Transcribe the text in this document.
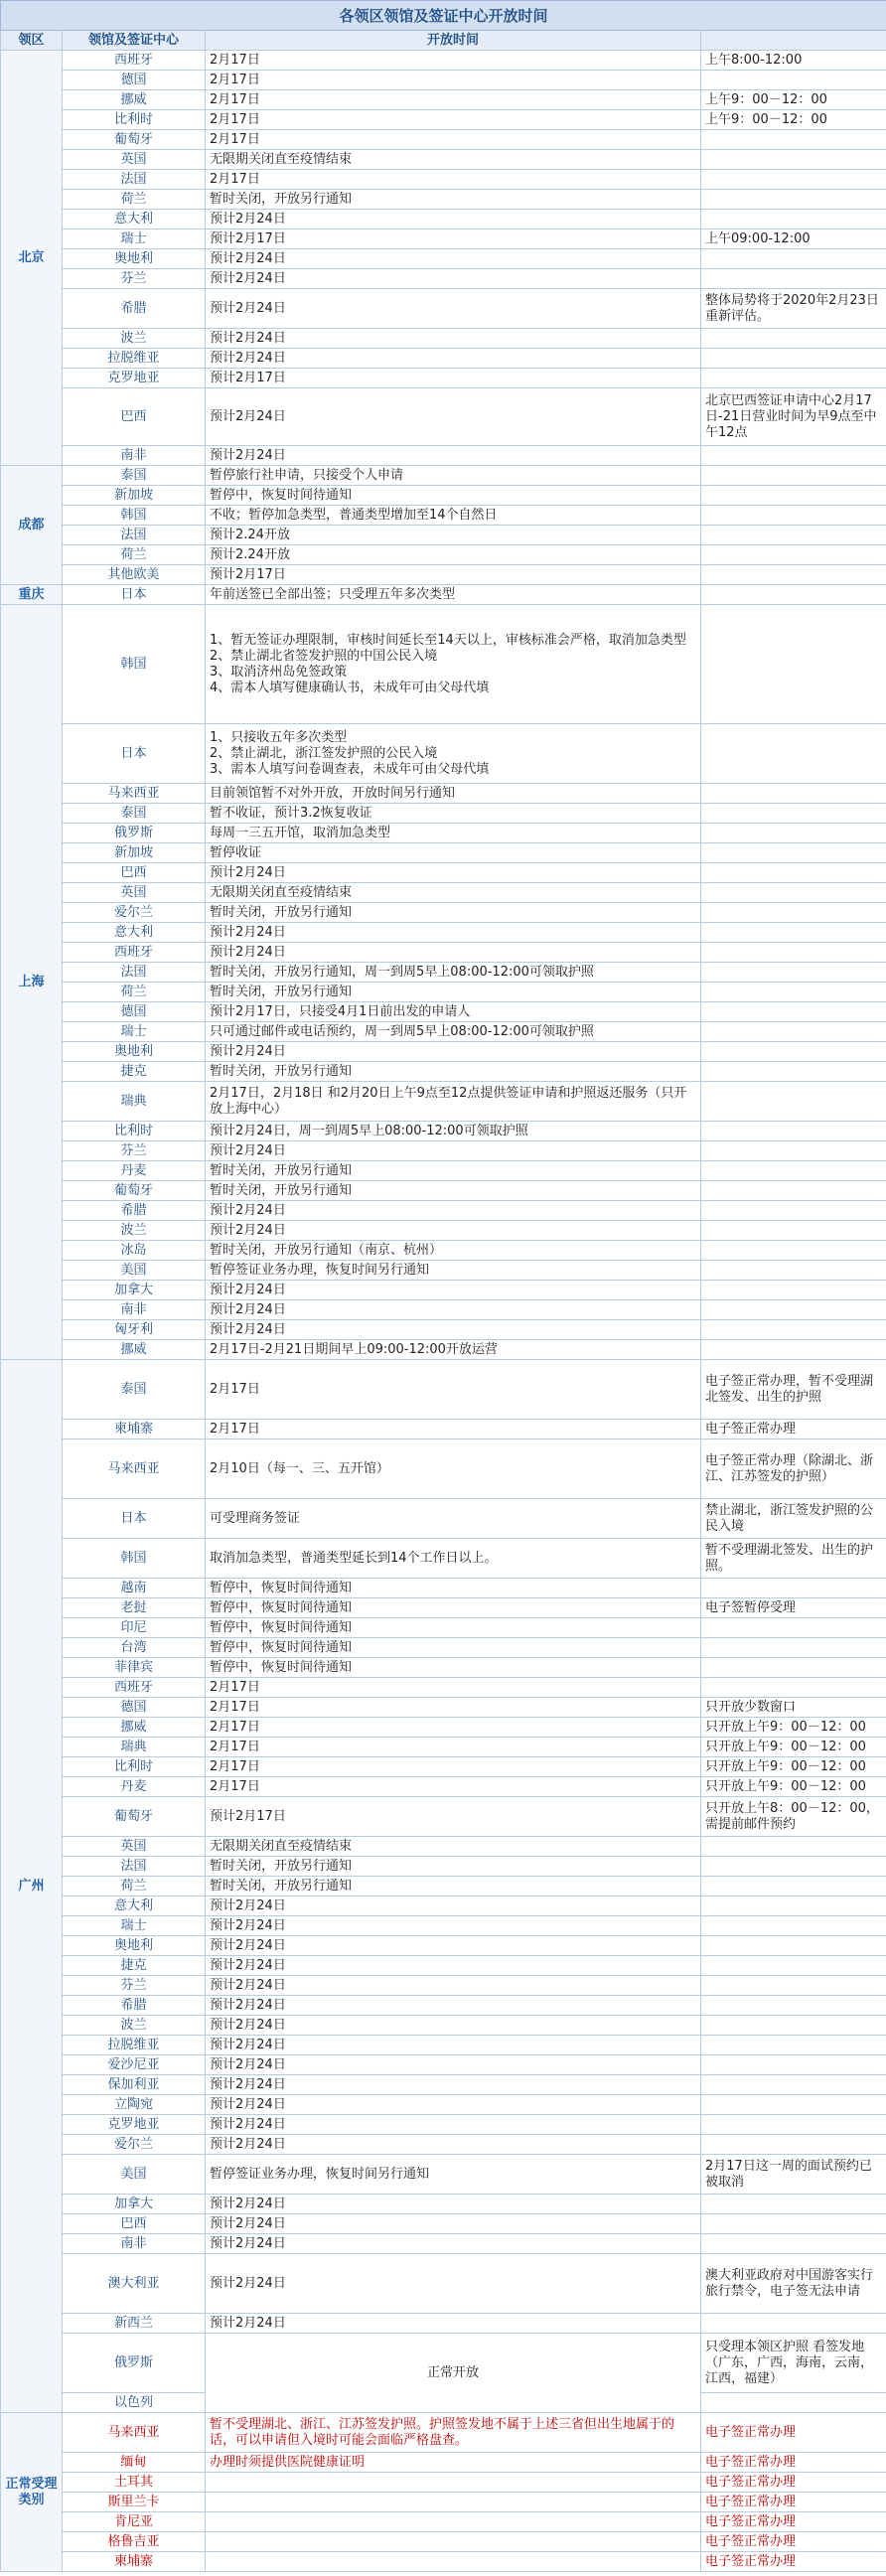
各领区领馆及签证中心开放时间			
领区	领馆及签证中心	开放时间	
北京	西班牙	2月17日	上午8:00-12:00
	德国	2月17日	
	挪威	2月17日	上午9：00－12：00
	比利时	2月17日	上午9：00－12：00
	葡萄牙	2月17日	
	英国	无限期关闭直至疫情结束	
	法国	2月17日	
	荷兰	暂时关闭，开放另行通知	
	意大利	预计2月24日	
	瑞士	预计2月17日	上午09:00-12:00
	奥地利	预计2月24日	
	芬兰	预计2月24日	
	希腊	预计2月24日	整体局势将于2020年2月23日重新评估。
	波兰	预计2月24日	
	拉脱维亚	预计2月24日	
	克罗地亚	预计2月17日	
	巴西	预计2月24日	北京巴西签证申请中心2月17日-21日营业时间为早9点至中午12点
	南非	预计2月24日	
成都	泰国	暂停旅行社申请，只接受个人申请	
	新加坡	暂停中，恢复时间待通知	
	韩国	不收；暂停加急类型，普通类型增加至14个自然日	
	法国	预计2.24开放	
	荷兰	预计2.24开放	
	其他欧美	预计2月17日	
重庆	日本	年前送签已全部出签；只受理五年多次类型	
上海	韩国	1、暂无签证办理限制，审核时间延长至14天以上，审核标准会严格，取消加急类型
2、禁止湖北省签发护照的中国公民入境
3、取消济州岛免签政策
4、需本人填写健康确认书，未成年可由父母代填	
	日本	1、只接收五年多次类型
2、禁止湖北，浙江签发护照的公民入境
3、需本人填写问卷调查表，未成年可由父母代填	
	马来西亚	目前领馆暂不对外开放，开放时间另行通知	
	泰国	暂不收证，预计3.2恢复收证	
	俄罗斯	每周一三五开馆，取消加急类型	
	新加坡	暂停收证	
	巴西	预计2月24日	
	英国	无限期关闭直至疫情结束	
	爱尔兰	暂时关闭，开放另行通知	
	意大利	预计2月24日	
	西班牙	预计2月24日	
	法国	暂时关闭，开放另行通知，周一到周5早上08:00-12:00可领取护照	
	荷兰	暂时关闭，开放另行通知	
	德国	预计2月17日，只接受4月1日前出发的申请人	
	瑞士	只可通过邮件或电话预约，周一到周5早上08:00-12:00可领取护照	
	奥地利	预计2月24日	
	捷克	暂时关闭，开放另行通知	
	瑞典	2月17日，2月18日 和2月20日上午9点至12点提供签证申请和护照返还服务（只开放上海中心）	
	比利时	预计2月24日，周一到周5早上08:00-12:00可领取护照	
	芬兰	预计2月24日	
	丹麦	暂时关闭，开放另行通知	
	葡萄牙	暂时关闭，开放另行通知	
	希腊	预计2月24日	
	波兰	预计2月24日	
	冰岛	暂时关闭，开放另行通知（南京、杭州）	
	美国	暂停签证业务办理，恢复时间另行通知	
	加拿大	预计2月24日	
	南非	预计2月24日	
	匈牙利	预计2月24日	
	挪威	2月17日-2月21日期间早上09:00-12:00开放运营	
广州	泰国	2月17日	电子签正常办理，暂不受理湖北签发、出生的护照
	柬埔寨	2月17日	电子签正常办理
	马来西亚	2月10日（每一、三、五开馆）	电子签正常办理（除湖北、浙江、江苏签发的护照）
	日本	可受理商务签证	禁止湖北，浙江签发护照的公民入境
	韩国	取消加急类型，普通类型延长到14个工作日以上。	暂不受理湖北签发、出生的护照。
	越南	暂停中，恢复时间待通知	
	老挝	暂停中，恢复时间待通知	电子签暂停受理
	印尼	暂停中，恢复时间待通知	
	台湾	暂停中，恢复时间待通知	
	菲律宾	暂停中，恢复时间待通知	
	西班牙	2月17日	
	德国	2月17日	只开放少数窗口
	挪威	2月17日	只开放上午9：00－12：00
	瑞典	2月17日	只开放上午9：00－12：00
	比利时	2月17日	只开放上午9：00－12：00
	丹麦	2月17日	只开放上午9：00－12：00
	葡萄牙	预计2月17日	只开放上午8：00－12：00，需提前邮件预约
	英国	无限期关闭直至疫情结束	
	法国	暂时关闭，开放另行通知	
	荷兰	暂时关闭，开放另行通知	
	意大利	预计2月24日	
	瑞士	预计2月24日	
	奥地利	预计2月24日	
	捷克	预计2月24日	
	芬兰	预计2月24日	
	希腊	预计2月24日	
	波兰	预计2月24日	
	拉脱维亚	预计2月24日	
	爱沙尼亚	预计2月24日	
	保加利亚	预计2月24日	
	立陶宛	预计2月24日	
	克罗地亚	预计2月24日	
	爱尔兰	预计2月24日	
	美国	暂停签证业务办理，恢复时间另行通知	2月17日这一周的面试预约已被取消
	加拿大	预计2月24日	
	巴西	预计2月24日	
	南非	预计2月24日	
	澳大利亚	预计2月24日	澳大利亚政府对中国游客实行旅行禁令，电子签无法申请
	新西兰	预计2月24日	
	俄罗斯	正常开放	只受理本领区护照 看签发地（广东，广西，海南，云南，江西，福建）
	以色列		
正常受理类别	马来西亚	暂不受理湖北、浙江、江苏签发护照。护照签发地不属于上述三省但出生地属于的话，可以申请但入境时可能会面临严格盘查。	电子签正常办理
	缅甸	办理时须提供医院健康证明	电子签正常办理
	土耳其		电子签正常办理
	斯里兰卡		电子签正常办理
	肯尼亚		电子签正常办理
	格鲁吉亚		电子签正常办理
	柬埔寨		电子签正常办理
